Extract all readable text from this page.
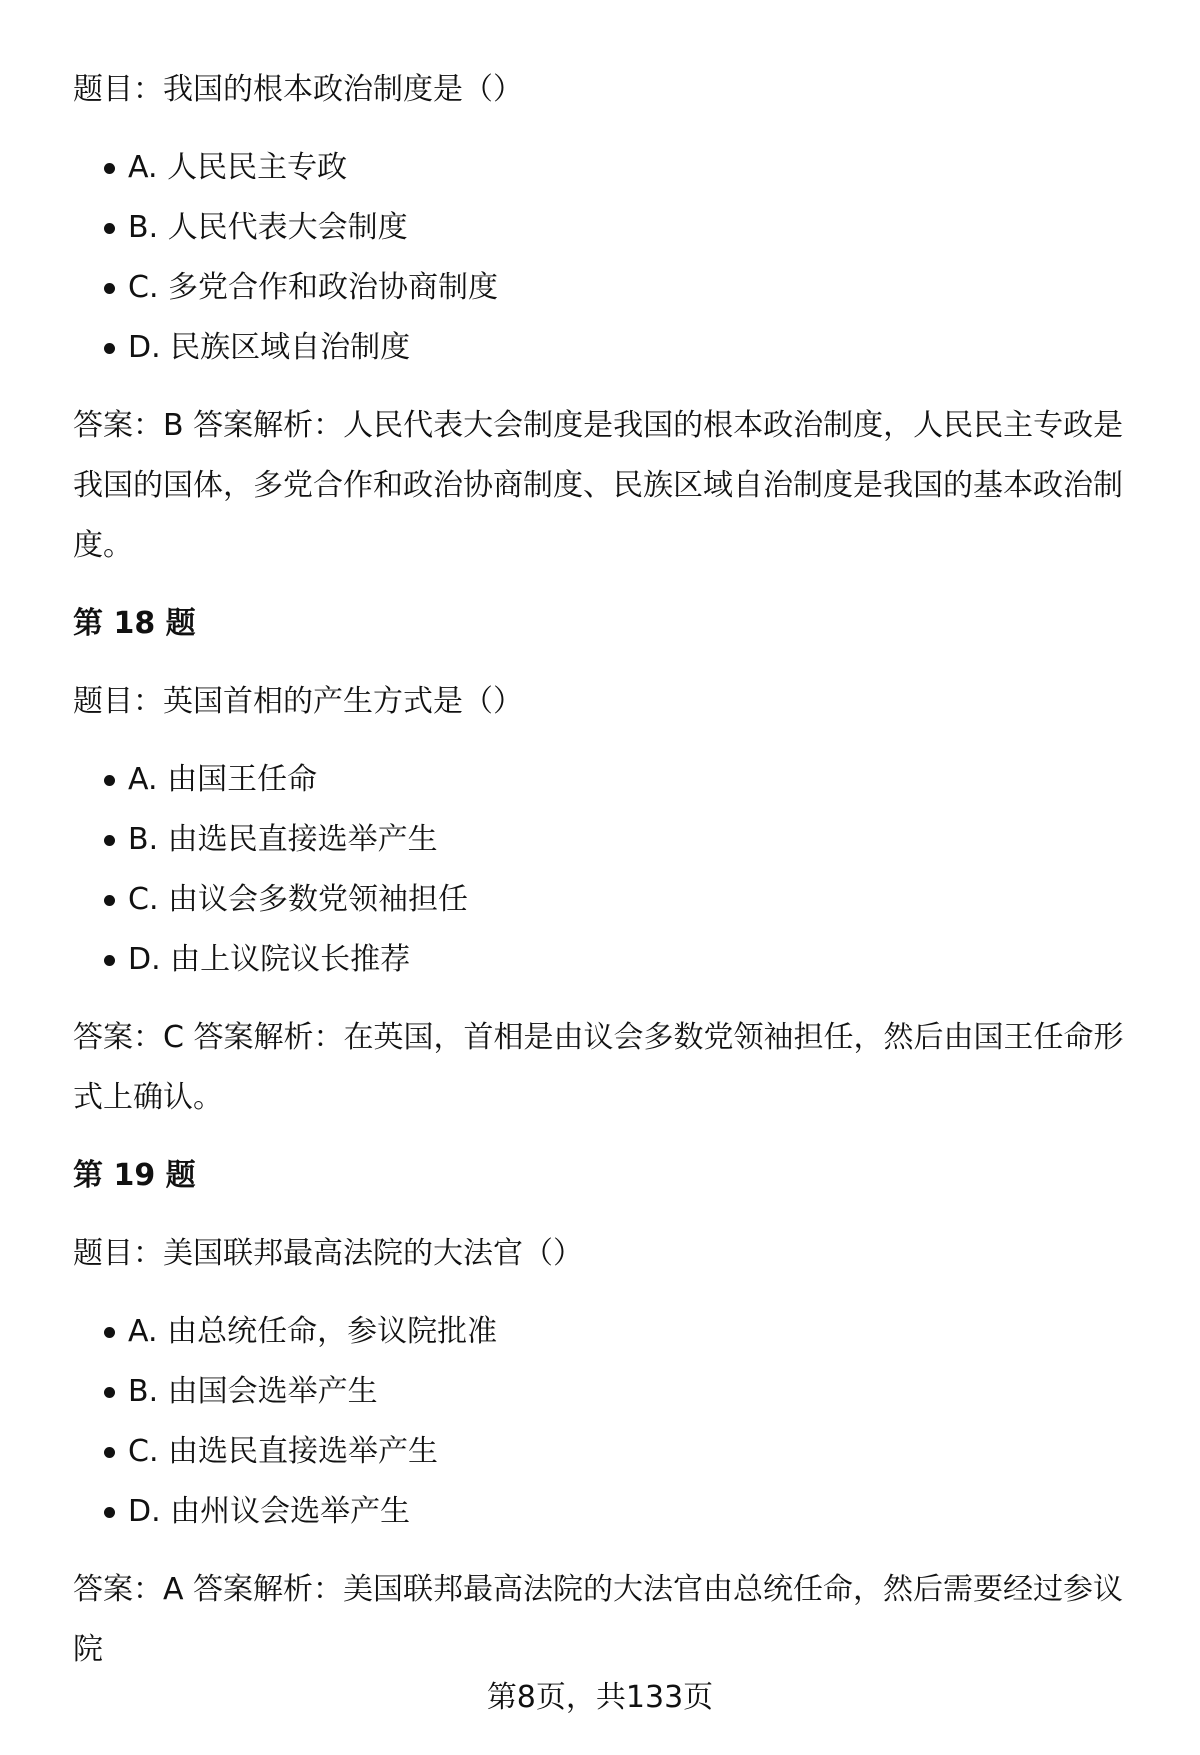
题目：我国的根本政治制度是（）

A. 人民民主专政
B. 人民代表大会制度
C. 多党合作和政治协商制度
D. 民族区域自治制度

答案：B 答案解析：人民代表大会制度是我国的根本政治制度，人民民主专政是我国的国体，多党合作和政治协商制度、民族区域自治制度是我国的基本政治制度。

第 18 题

题目：英国首相的产生方式是（）

A. 由国王任命
B. 由选民直接选举产生
C. 由议会多数党领袖担任
D. 由上议院议长推荐

答案：C 答案解析：在英国，首相是由议会多数党领袖担任，然后由国王任命形式上确认。

第 19 题

题目：美国联邦最高法院的大法官（）

A. 由总统任命，参议院批准
B. 由国会选举产生
C. 由选民直接选举产生
D. 由州议会选举产生

答案：A 答案解析：美国联邦最高法院的大法官由总统任命，然后需要经过参议院

第8页，共133页
